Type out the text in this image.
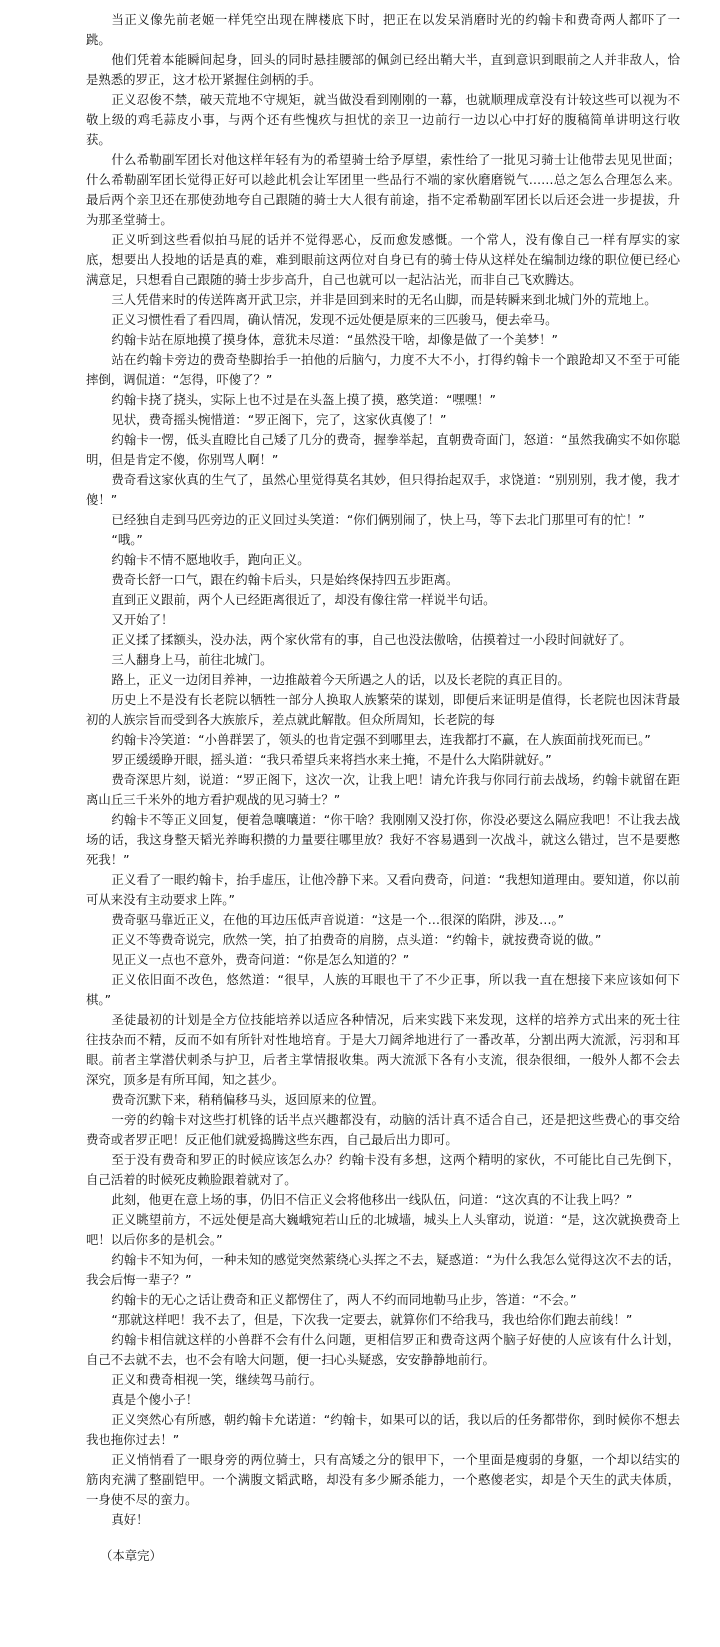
当正义像先前老姬一样凭空出现在牌楼底下时，把正在以发呆消磨时光的约翰卡和费奇两人都吓了一跳。

他们凭着本能瞬间起身，回头的同时悬挂腰部的佩剑已经出鞘大半，直到意识到眼前之人并非敌人，恰是熟悉的罗正，这才松开紧握住剑柄的手。

正义忍俊不禁，破天荒地不守规矩，就当做没看到刚刚的一幕，也就顺理成章没有计较这些可以视为不敬上级的鸡毛蒜皮小事，与两个还有些愧疚与担忧的亲卫一边前行一边以心中打好的腹稿简单讲明这行收获。

什么希勒副军团长对他这样年轻有为的希望骑士给予厚望，索性给了一批见习骑士让他带去见见世面；什么希勒副军团长觉得正好可以趁此机会让军团里一些品行不端的家伙磨磨锐气……总之怎么合理怎么来。最后两个亲卫还在那使劲地夸自己跟随的骑士大人很有前途，指不定希勒副军团长以后还会进一步提拔，升为那圣堂骑士。

正义听到这些看似拍马屁的话并不觉得恶心，反而愈发感慨。一个常人，没有像自己一样有厚实的家底，想要出人投地的话是真的难，难到眼前这两位对自身已有的骑士侍从这样处在编制边缘的职位便已经心满意足，只想看自己跟随的骑士步步高升，自己也就可以一起沾沾光，而非自己飞欢腾达。

三人凭借来时的传送阵离开武卫宗，并非是回到来时的无名山脚，而是转瞬来到北城门外的荒地上。

正义习惯性看了看四周，确认情况，发现不远处便是原来的三匹骏马，便去牵马。

约翰卡站在原地摸了摸身体，意犹未尽道：“虽然没干啥，却像是做了一个美梦！”

站在约翰卡旁边的费奇垫脚抬手一拍他的后脑勺，力度不大不小，打得约翰卡一个踉跄却又不至于可能摔倒，调侃道：“怎得，吓傻了？”

约翰卡挠了挠头，实际上也不过是在头盔上摸了摸，憨笑道：“嘿嘿！”

见状，费奇摇头惋惜道：“罗正阁下，完了，这家伙真傻了！”

约翰卡一愣，低头直瞪比自己矮了几分的费奇，握拳举起，直朝费奇面门，怒道：“虽然我确实不如你聪明，但是肯定不傻，你别骂人啊！”

费奇看这家伙真的生气了，虽然心里觉得莫名其妙，但只得抬起双手，求饶道：“别别别，我才傻，我才傻！”

已经独自走到马匹旁边的正义回过头笑道：“你们俩别闹了，快上马，等下去北门那里可有的忙！”

“哦。”

约翰卡不情不愿地收手，跑向正义。

费奇长舒一口气，跟在约翰卡后头，只是始终保持四五步距离。

直到正义跟前，两个人已经距离很近了，却没有像往常一样说半句话。

又开始了！

正义揉了揉额头，没办法，两个家伙常有的事，自己也没法傲啥，估摸着过一小段时间就好了。

三人翻身上马，前往北城门。

路上，正义一边闭目养神，一边推敲着今天所遇之人的话，以及长老院的真正目的。

历史上不是没有长老院以牺牲一部分人换取人族繁荣的谋划，即便后来证明是值得，长老院也因沫背最初的人族宗旨而受到各大族旅斥，差点就此解散。但众所周知，长老院的每

约翰卡冷笑道：“小兽群罢了，领头的也肯定强不到哪里去，连我都打不赢，在人族面前找死而已。”

罗正缓缓睁开眼，摇头道：“我只希望兵来将挡水来土掩，不是什么大陷阱就好。”

费奇深思片刻，说道：“罗正阁下，这次一次，让我上吧！请允许我与你同行前去战场，约翰卡就留在距离山丘三千米外的地方看护观战的见习骑士？”

约翰卡不等正义回复，便着急嚷嚷道：“你干啥？我刚刚又没打你，你没必要这么隔应我吧！不让我去战场的话，我这身整天韬光养晦积攒的力量要往哪里放？我好不容易遇到一次战斗，就这么错过，岂不是要憋死我！”

正义看了一眼约翰卡，抬手虚压，让他冷静下来。又看向费奇，问道：“我想知道理由。要知道，你以前可从来没有主动要求上阵。”

费奇驱马靠近正义，在他的耳边压低声音说道：“这是一个…很深的陷阱，涉及…。”

正义不等费奇说完，欣然一笑，拍了拍费奇的肩膀，点头道：“约翰卡，就按费奇说的做。”

见正义一点也不意外，费奇问道：“你是怎么知道的？”

正义依旧面不改色，悠然道：“很早，人族的耳眼也干了不少正事，所以我一直在想接下来应该如何下棋。”

圣徒最初的计划是全方位技能培养以适应各种情况，后来实践下来发现，这样的培养方式出来的死士往往技杂而不精，反而不如有所针对性地培育。于是大刀阔斧地进行了一番改革，分割出两大流派，污羽和耳眼。前者主掌潜伏刺杀与护卫，后者主掌情报收集。两大流派下各有小支流，很杂很细，一般外人都不会去深究，顶多是有所耳闻，知之甚少。

费奇沉默下来，稍稍偏移马头，返回原来的位置。

一旁的约翰卡对这些打机锋的话半点兴趣都没有，动脑的活计真不适合自己，还是把这些费心的事交给费奇或者罗正吧！反正他们就爱捣腾这些东西，自己最后出力即可。

至于没有费奇和罗正的时候应该怎么办？约翰卡没有多想，这两个精明的家伙，不可能比自己先倒下，自己活着的时候死皮赖脸跟着就对了。

此刻，他更在意上场的事，仍旧不信正义会将他移出一线队伍，问道：“这次真的不让我上吗？”

正义眺望前方，不远处便是高大巍峨宛若山丘的北城墙，城头上人头窜动，说道：“是，这次就换费奇上吧！以后你多的是机会。”

约翰卡不知为何，一种未知的感觉突然萦绕心头挥之不去，疑惑道：“为什么我怎么觉得这次不去的话，我会后悔一辈子？”

约翰卡的无心之话让费奇和正义都愣住了，两人不约而同地勒马止步，答道：“不会。”

“那就这样吧！我不去了，但是，下次我一定要去，就算你们不给我马，我也给你们跑去前线！”

约翰卡相信就这样的小兽群不会有什么问题，更相信罗正和费奇这两个脑子好使的人应该有什么计划，自己不去就不去，也不会有啥大问题，便一扫心头疑惑，安安静静地前行。

正义和费奇相视一笑，继续驾马前行。

真是个傻小子！

正义突然心有所感，朝约翰卡允诺道：“约翰卡，如果可以的话，我以后的任务都带你，到时候你不想去我也拖你过去！”

正义悄悄看了一眼身旁的两位骑士，只有高矮之分的银甲下，一个里面是瘦弱的身躯，一个却以结实的筋肉充满了整副铠甲。一个满腹文韬武略，却没有多少厮杀能力，一个憨傻老实，却是个天生的武夫体质，一身使不尽的蛮力。

真好！

（本章完）
